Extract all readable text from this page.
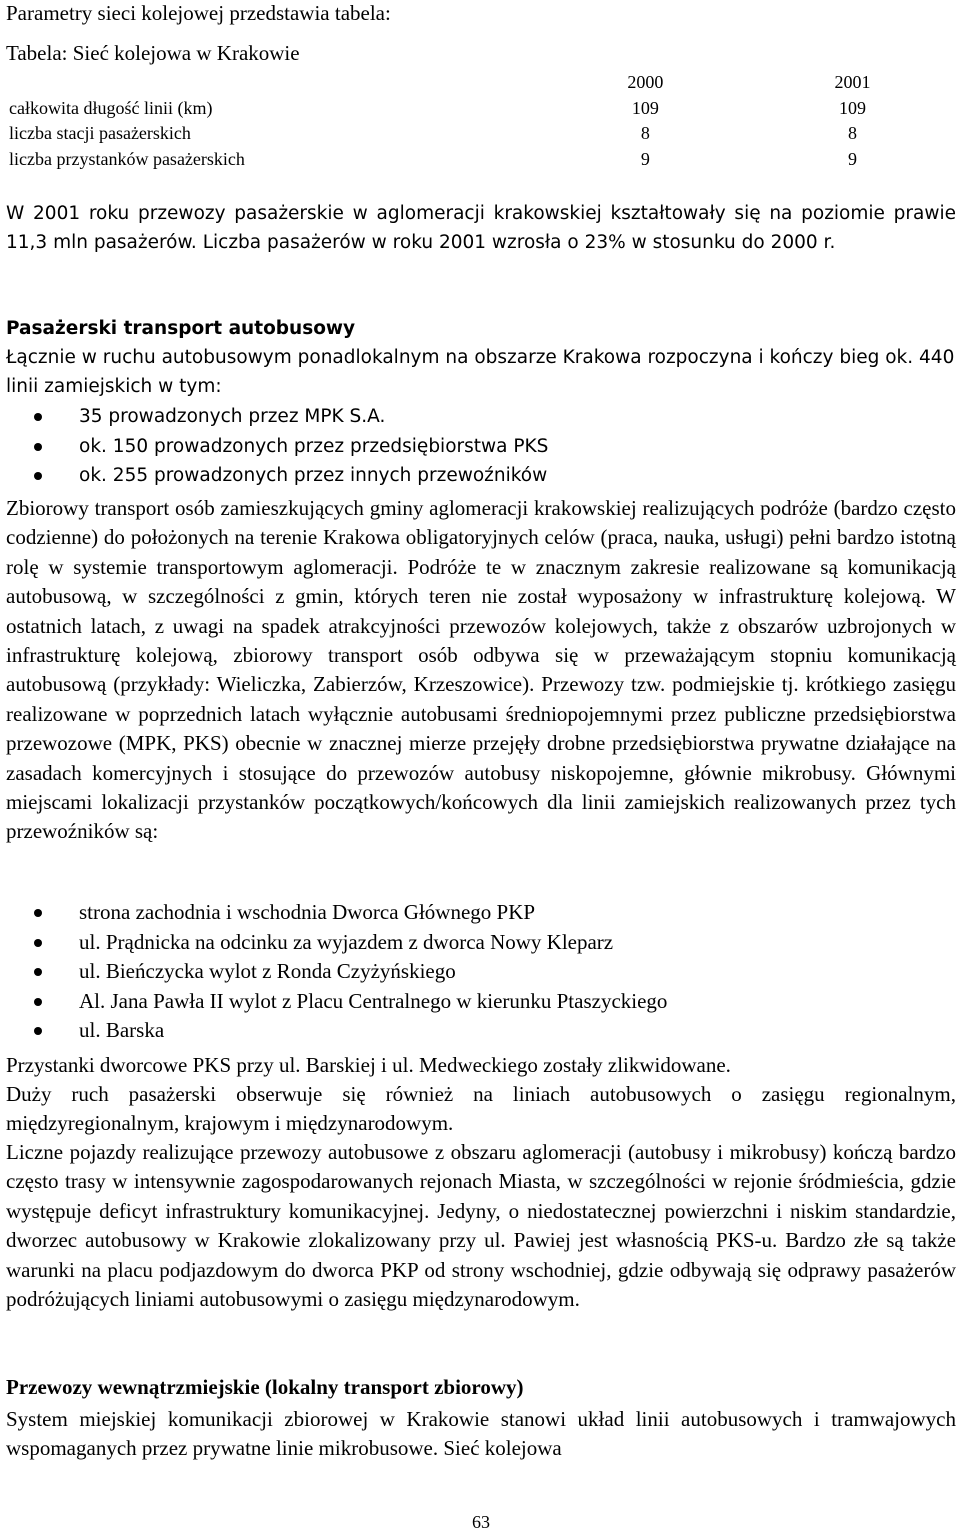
Parametry sieci kolejowej przedstawia tabela:
Tabela: Sieć kolejowa w Krakowie
	2000	2001
całkowita długość linii (km)	109	109
liczba stacji pasażerskich	8	8
liczba przystanków pasażerskich	9	9

W 2001 roku przewozy pasażerskie w aglomeracji krakowskiej kształtowały się na poziomie prawie 11,3 mln pasażerów. Liczba pasażerów w roku 2001 wzrosła o 23% w stosunku do 2000 r.

Pasażerski transport autobusowy

Łącznie w ruchu autobusowym ponadlokalnym na obszarze Krakowa rozpoczyna i kończy bieg ok. 440 linii zamiejskich w tym:

35 prowadzonych przez MPK S.A.
ok. 150 prowadzonych przez przedsiębiorstwa PKS
ok. 255 prowadzonych przez innych przewoźników

Zbiorowy transport osób zamieszkujących gminy aglomeracji krakowskiej realizujących podróże (bardzo często codzienne) do położonych na terenie Krakowa obligatoryjnych celów (praca, nauka, usługi) pełni bardzo istotną rolę w systemie transportowym aglomeracji. Podróże te w znacznym zakresie realizowane są komunikacją autobusową, w szczególności z gmin, których teren nie został wyposażony w infrastrukturę kolejową. W ostatnich latach, z uwagi na spadek atrakcyjności przewozów kolejowych, także z obszarów uzbrojonych w infrastrukturę kolejową, zbiorowy transport osób odbywa się w przeważającym stopniu komunikacją autobusową (przykłady: Wieliczka, Zabierzów, Krzeszowice). Przewozy tzw. podmiejskie tj. krótkiego zasięgu realizowane w poprzednich latach wyłącznie autobusami średniopojemnymi przez publiczne przedsiębiorstwa przewozowe (MPK, PKS) obecnie w znacznej mierze przejęły drobne przedsiębiorstwa prywatne działające na zasadach komercyjnych i stosujące do przewozów autobusy niskopojemne, głównie mikrobusy. Głównymi miejscami lokalizacji przystanków początkowych/końcowych dla linii zamiejskich realizowanych przez tych przewoźników są:

strona zachodnia i wschodnia Dworca Głównego PKP
ul. Prądnicka na odcinku za wyjazdem z dworca Nowy Kleparz
ul. Bieńczycka wylot z Ronda Czyżyńskiego
Al. Jana Pawła II wylot z Placu Centralnego w kierunku Ptaszyckiego
ul. Barska

Przystanki dworcowe PKS przy ul. Barskiej i ul. Medweckiego zostały zlikwidowane.

Duży ruch pasażerski obserwuje się również na liniach autobusowych o zasięgu regionalnym, międzyregionalnym, krajowym i międzynarodowym.

Liczne pojazdy realizujące przewozy autobusowe z obszaru aglomeracji (autobusy i mikrobusy) kończą bardzo często trasy w intensywnie zagospodarowanych rejonach Miasta, w szczególności w rejonie śródmieścia, gdzie występuje deficyt infrastruktury komunikacyjnej. Jedyny, o niedostatecznej powierzchni i niskim standardzie, dworzec autobusowy w Krakowie zlokalizowany przy ul. Pawiej jest własnością PKS-u. Bardzo złe są także warunki na placu podjazdowym do dworca PKP od strony wschodniej, gdzie odbywają się odprawy pasażerów podróżujących liniami autobusowymi o zasięgu międzynarodowym.

Przewozy wewnątrzmiejskie (lokalny transport zbiorowy)

System miejskiej komunikacji zbiorowej w Krakowie stanowi układ linii autobusowych i tramwajowych wspomaganych przez prywatne linie mikrobusowe. Sieć kolejowa

63
